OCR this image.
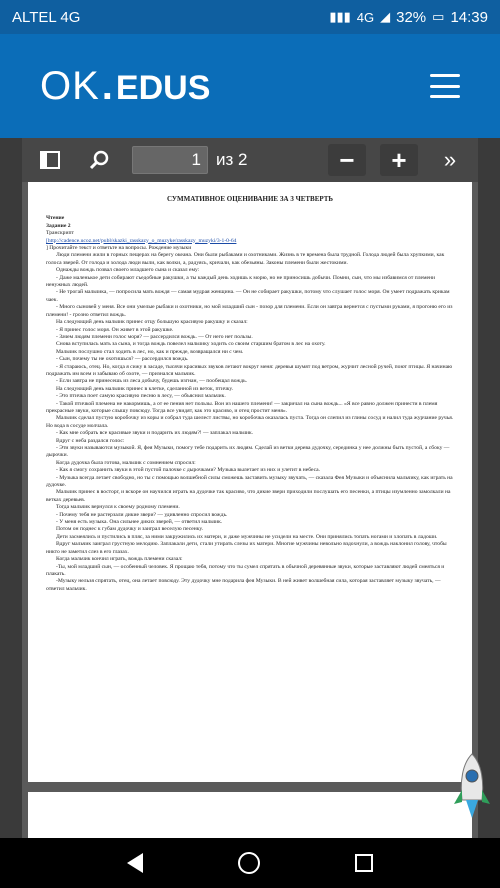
ALTEL 4G	▮▮▮ 4G ◢ 32% ▭ 14:39
OK . EDUS
1
из 2	−	+	»
СУММАТИВНОЕ ОЦЕНИВАНИЕ ЗА 3 ЧЕТВЕРТЬ
Чтение
Задание 2
Транскрипт
[http://cadence.ucoz.net/publ/skazki_rasskazy_o_muzyke/rasskazy_muzyki/3-1-0-64
] Прочитайте текст и ответьте на вопросы. Рождение музыки

Люди племени жили в горных пещерах на берегу океана. Они были рыбаками и охотниками. Жизнь в те времена была трудной. Голода людей была хрупкими, как голоса зверей. От голода и холода люди выли, как волки, а, радуясь, кричали, как обезьяны. Законы племени были жестокими.

Однажды вождь позвал своего младшего сына и сказал ему:

- Даже маленькое дети собирают съедобные ракушки, а ты каждый день ходишь к морю, но не приносишь добычи. Помни, сын, что мы избавимся от племени ненужных людей.

- Не трогай мальчика, — попросила мать вождя — самая мудрая женщина. — Он не собирает ракушки, потому что слушает голос моря. Он умеет подражать крикам чаек.

- Много сыновей у меня. Все они умелые рыбаки и охотники, но мой младший сын - позор для племени. Если он завтра вернется с пустыми руками, я прогоню его из племени! - грозно ответил вождь.

На следующий день мальчик принес отцу большую красивую ракушку и сказал:

- Я принес голос моря. Он живет в этой ракушке.

- Зачем людям племени голос моря? — рассердился вождь. — От него нет пользы.

Снова вступилась мать за сына, и тогда вождь повелел мальчику ходить со своим старшим братом в лес на охоту.

Мальчик послушно стал ходить в лес, но, как и прежде, возвращался ни с чем.

- Сын, почему ты не охотишься? — рассердился вождь.

- Я стараюсь, отец. Но, когда я сижу в засаде, тысячи красивых звуков летают вокруг меня: деревья шумят под ветром, журчит лесной ручей, поют птицы. Я начинаю подражать им всем и забываю об охоте, — признался мальчик.

- Если завтра не принесешь из леса добычу, будешь изгнан, — пообещал вождь.

На следующий день мальчик принес в клетке, сделанной из веток, птичку.

- Это птичка поет самую красивую песню в лесу, — объяснил мальчик.

- Такой птичкой племена не накормишь, а от ее пения нет пользы. Вон из нашего племени! — закричал на сына вождь... «Я все равно должен принести в племя прекрасные звуки, которые слышу повсюду. Тогда все увидят, как это красиво, и отец простит меня».

Мальчик сделал пустую коробочку из коры и собрал туда шелест листвы, но коробочка оказалась пуста. Тогда он слепил из глины сосуд и налил туда журчание ручья. Но вода в сосуде молчала.

- Как мне собрать все красивые звуки и подарить их людям?! — заплакал мальчик.

Вдруг с неба раздался голос:

- Эти звуки называются музыкой. Я, фея Музыки, помогу тебе подарить их людям. Сделай из ветки дерева дудочку, серединка у нее должны быть пустой, а сбоку — дырочки.

Когда дудочка была готова, мальчик с сомнением спросил:

- Как я смогу сохранить звуки в этой пустой палочке с дырочками? Музыка вылетает из них и улетит в небеса.

- Музыка всегда летает свободно, но ты с помощью волшебной силы сможешь заставить музыку звучать, — сказала Фея Музыки и объяснила мальчику, как играть на дудочке.

Мальчик принес в восторг, и вскоре он научился играть на дудочке так красиво, что дикие звери приходили послушать его песенки, а птицы изумленно замолкали на ветках деревьев.

Тогда мальчик вернулся к своему родному племени.

- Почему тебя не растерзали дикие звери? — удивленно спросил вождь.

- У меня есть музыка. Она сильнее диких зверей, — ответил мальчик.

Потом он поднес к губам дудочку и заиграл веселую песенку.

Дети засмеялись и пустились в пляс, за ними закружились их матери, и даже мужчины не усидели на месте. Они принялись топать ногами и хлопать в ладоши.

Вдруг мальчик заиграл грустную мелодию. Заплакали дети, стали утирать слезы их матери. Многие мужчины невольно вздохнули, а вождь наклонил голову, чтобы никто не заметил слез в его глазах.

Когда мальчик кончил играть, вождь племени сказал:

-Ты, мой младший сын, — особенный человек. Я прощаю тебя, потому что ты сумел спрятать в обычной деревянные звуки, которые заставляют людей смеяться и плакать.

-Музыку нельзя спрятать, отец, она летает повсюду. Эту дудочку мне подарила фея Музыки. В ней живет волшебная сила, которая заставляет музыку звучать, — ответил мальчик.
